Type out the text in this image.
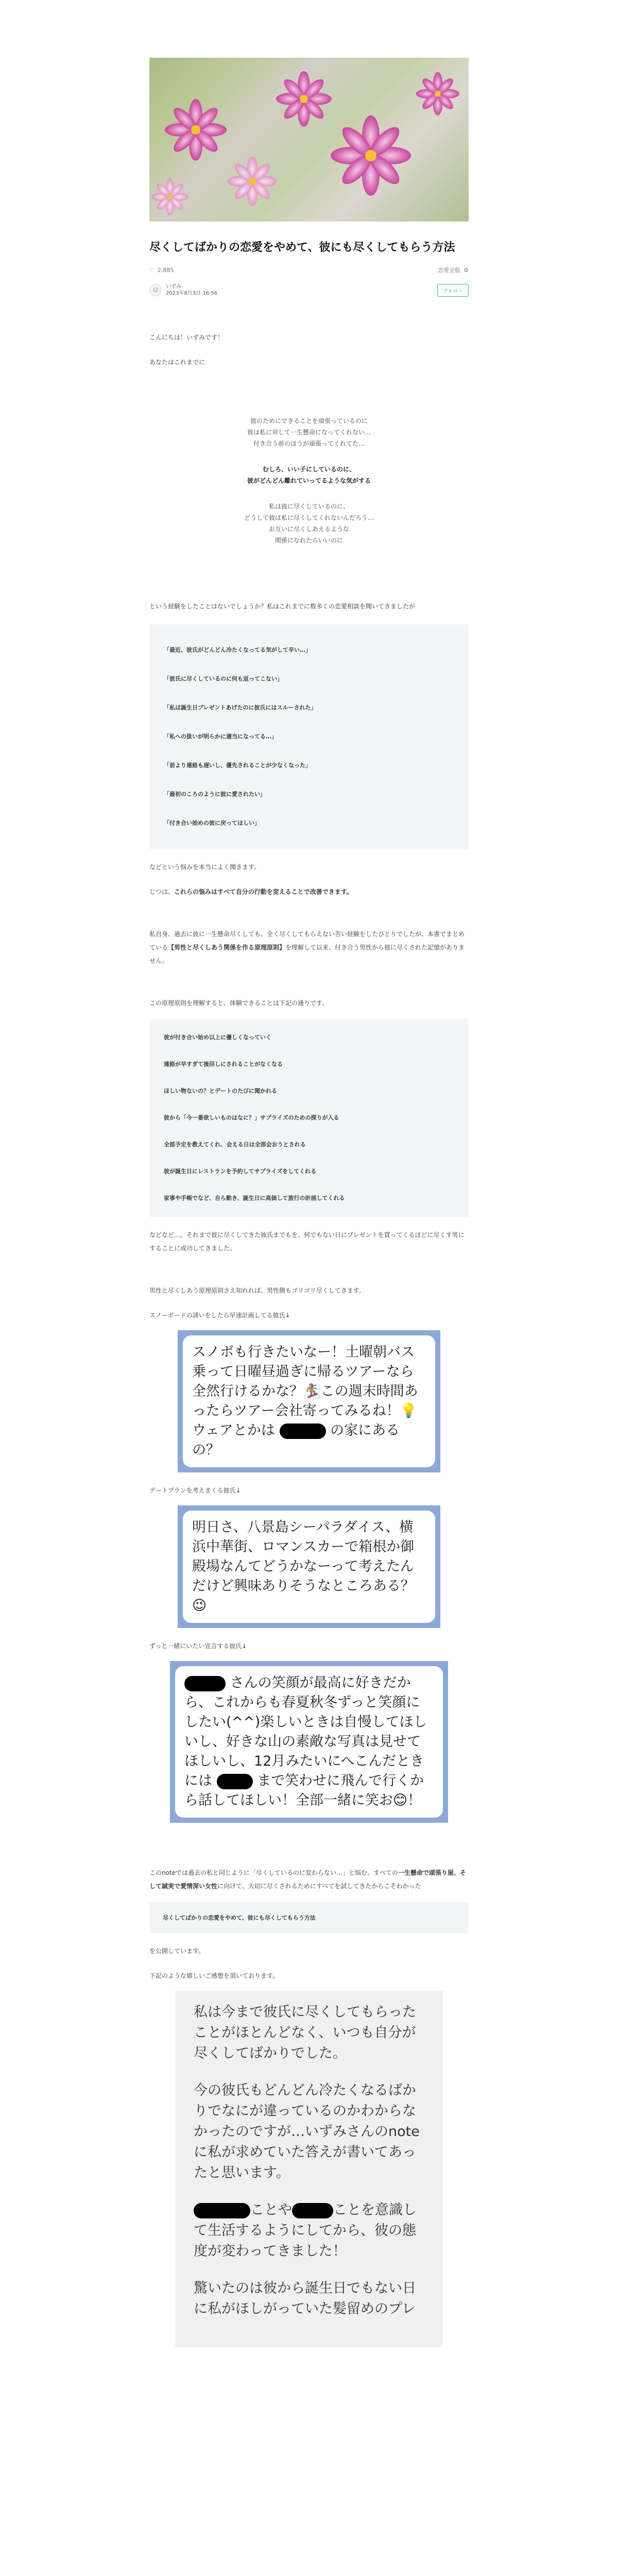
尽くしてばかりの恋愛をやめて、彼にも尽くしてもらう方法
♡ 2,885	恋愛全般 ⚙
☺
いずみ
2023年8月3日 16:56	フォロー

こんにちは！いずみです！

あなたはこれまでに

彼のためにできることを頑張っているのに

彼は私に対して一生懸命になってくれない…

付き合う前のほうが頑張ってくれてた…

むしろ、いい子にしているのに、

彼がどんどん離れていってるような気がする

私は彼に尽くしているのに、

どうして彼は私に尽くしてくれないんだろう…

お互いに尽くしあえるような

関係になれたらいいのに

という経験をしたことはないでしょうか？私はこれまでに数多くの恋愛相談を聞いてきましたが

「最近、彼氏がどんどん冷たくなってる気がして辛い…」
「彼氏に尽くしているのに何も返ってこない」
「私は誕生日プレゼントあげたのに彼氏にはスルーされた」
「私への扱いが明らかに適当になってる…」
「前より連絡も遅いし、優先されることが少なくなった」
「最初のころのように彼に愛されたい」
「付き合い始めの彼に戻ってほしい」

などという悩みを本当によく聞きます。

じつは、これらの悩みはすべて自分の行動を変えることで改善できます。

私自身、過去に彼に一生懸命尽くしても、全く尽くしてもらえない苦い経験をしたひとりでしたが、本書でまとめている【男性と尽くしあう関係を作る原理原則】を理解して以来、付き合う男性から彼に尽くされた記憶がありません。

この原理原則を理解すると、体験できることは下記の通りです。

彼が付き合い始め以上に優しくなっていく
連絡が早すぎて後回しにされることがなくなる
ほしい物ないの？とデートのたびに聞かれる
彼から「今一番欲しいものはなに？」サプライズのための探りが入る
全部予定を教えてくれ、会える日は全部会おうとされる
彼が誕生日にレストランを予約してサプライズをしてくれる
家事や手帳でなど、自ら動き、誕生日に高価して旅行の計画してくれる

などなど…。それまで彼に尽くしてきた彼氏までもを、何でもない日にプレゼントを買ってくるほどに尽くす男にすることに成功してきました。

男性と尽くしあう原理原則さえ知れれば、男性側もゴリゴリ尽くしてきます。

スノーボードの誘いをしたら早速計画してる彼氏↓

スノボも行きたいなー！土曜朝バス乗って日曜昼過ぎに帰るツアーなら全然行けるかな？🏂この週末時間あったらツアー会社寄ってみるね！💡ウェアとかは	の家にあるの？

デートプランを考えまくる彼氏↓

明日さ、八景島シーパラダイス、横浜中華街、ロマンスカーで箱根か御殿場なんてどうかなーって考えたんだけど興味ありそうなところある？😉

ずっと一緒にいたい宣言する彼氏↓

さんの笑顔が最高に好きだから、これからも春夏秋冬ずっと笑顔にしたい(^^)楽しいときは自慢してほしいし、好きな山の素敵な写真は見せてほしいし、12月みたいにへこんだときには	まで笑わせに飛んで行くから話してほしい！全部一緒に笑お😊！

このnoteでは過去の私と同じように「尽くしているのに変わらない…」と悩む、すべての一生懸命で頑張り屋、そして誠実で愛情深い女性に向けて、大切に尽くされるためにすべてを試してきたからこそわかった

尽くしてばかりの恋愛をやめて、彼にも尽くしてもらう方法

を公開しています。

下記のような嬉しいご感想を頂いております。

私は今まで彼氏に尽くしてもらったことがほとんどなく、いつも自分が尽くしてばかりでした。

今の彼氏もどんどん冷たくなるばかりでなにが違っているのかわからなかったのですが…いずみさんのnoteに私が求めていた答えが書いてあったと思います。

ことや	ことを意識して生活するようにしてから、彼の態度が変わってきました！

驚いたのは彼から誕生日でもない日に私がほしがっていた髪留めのプレ
